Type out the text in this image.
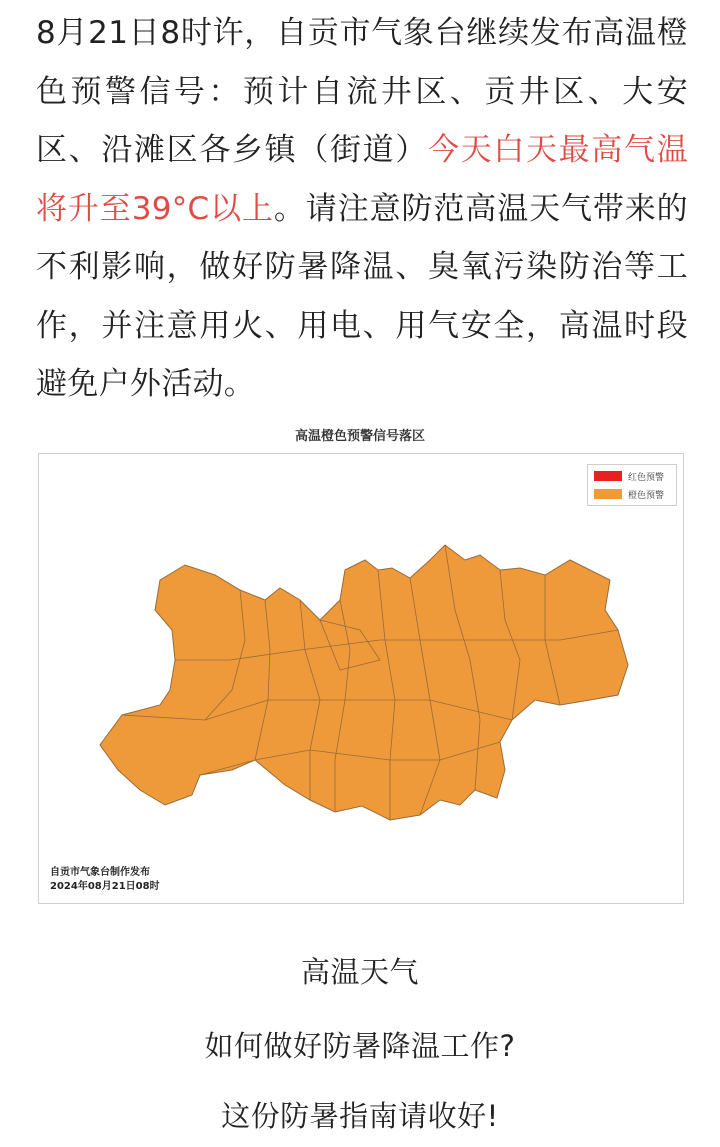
8月21日8时许，自贡市气象台继续发布高温橙色预警信号：预计自流井区、贡井区、大安区、沿滩区各乡镇（街道）今天白天最高气温将升至39°C以上。请注意防范高温天气带来的不利影响，做好防暑降温、臭氧污染防治等工作，并注意用火、用电、用气安全，高温时段避免户外活动。
高温橙色预警信号落区
红色预警
橙色预警
自贡市气象台制作发布
2024年08月21日08时
高温天气
如何做好防暑降温工作?
这份防暑指南请收好!
